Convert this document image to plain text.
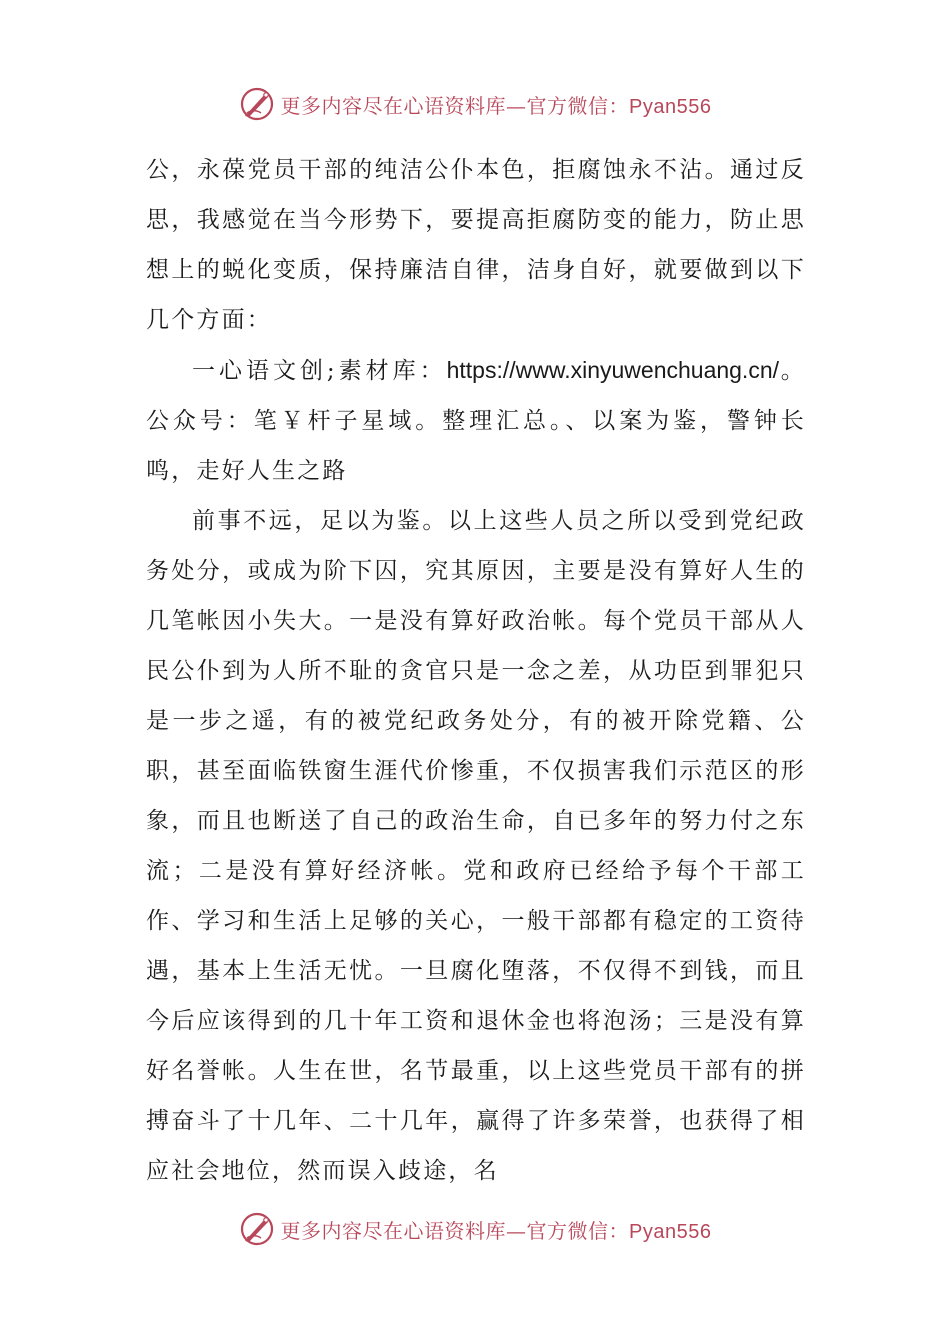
更多内容尽在心语资料库—官方微信：Pyan556

公，永葆党员干部的纯洁公仆本色，拒腐蚀永不沾。通过反思，我感觉在当今形势下，要提高拒腐防变的能力，防止思想上的蜕化变质，保持廉洁自律，洁身自好，就要做到以下几个方面：

一心语文创;素材库：https://www.xinyuwenchuang.cn/。公众号：笔￥杆子星域。整理汇总。、以案为鉴，警钟长鸣，走好人生之路

前事不远，足以为鉴。以上这些人员之所以受到党纪政务处分，或成为阶下囚，究其原因，主要是没有算好人生的几笔帐因小失大。一是没有算好政治帐。每个党员干部从人民公仆到为人所不耻的贪官只是一念之差，从功臣到罪犯只是一步之遥，有的被党纪政务处分，有的被开除党籍、公职，甚至面临铁窗生涯代价惨重，不仅损害我们示范区的形象，而且也断送了自己的政治生命，自已多年的努力付之东流；二是没有算好经济帐。党和政府已经给予每个干部工作、学习和生活上足够的关心，一般干部都有稳定的工资待遇，基本上生活无忧。一旦腐化堕落，不仅得不到钱，而且今后应该得到的几十年工资和退休金也将泡汤；三是没有算好名誉帐。人生在世，名节最重，以上这些党员干部有的拼搏奋斗了十几年、二十几年，赢得了许多荣誉，也获得了相应社会地位，然而误入歧途，名

更多内容尽在心语资料库—官方微信：Pyan556
